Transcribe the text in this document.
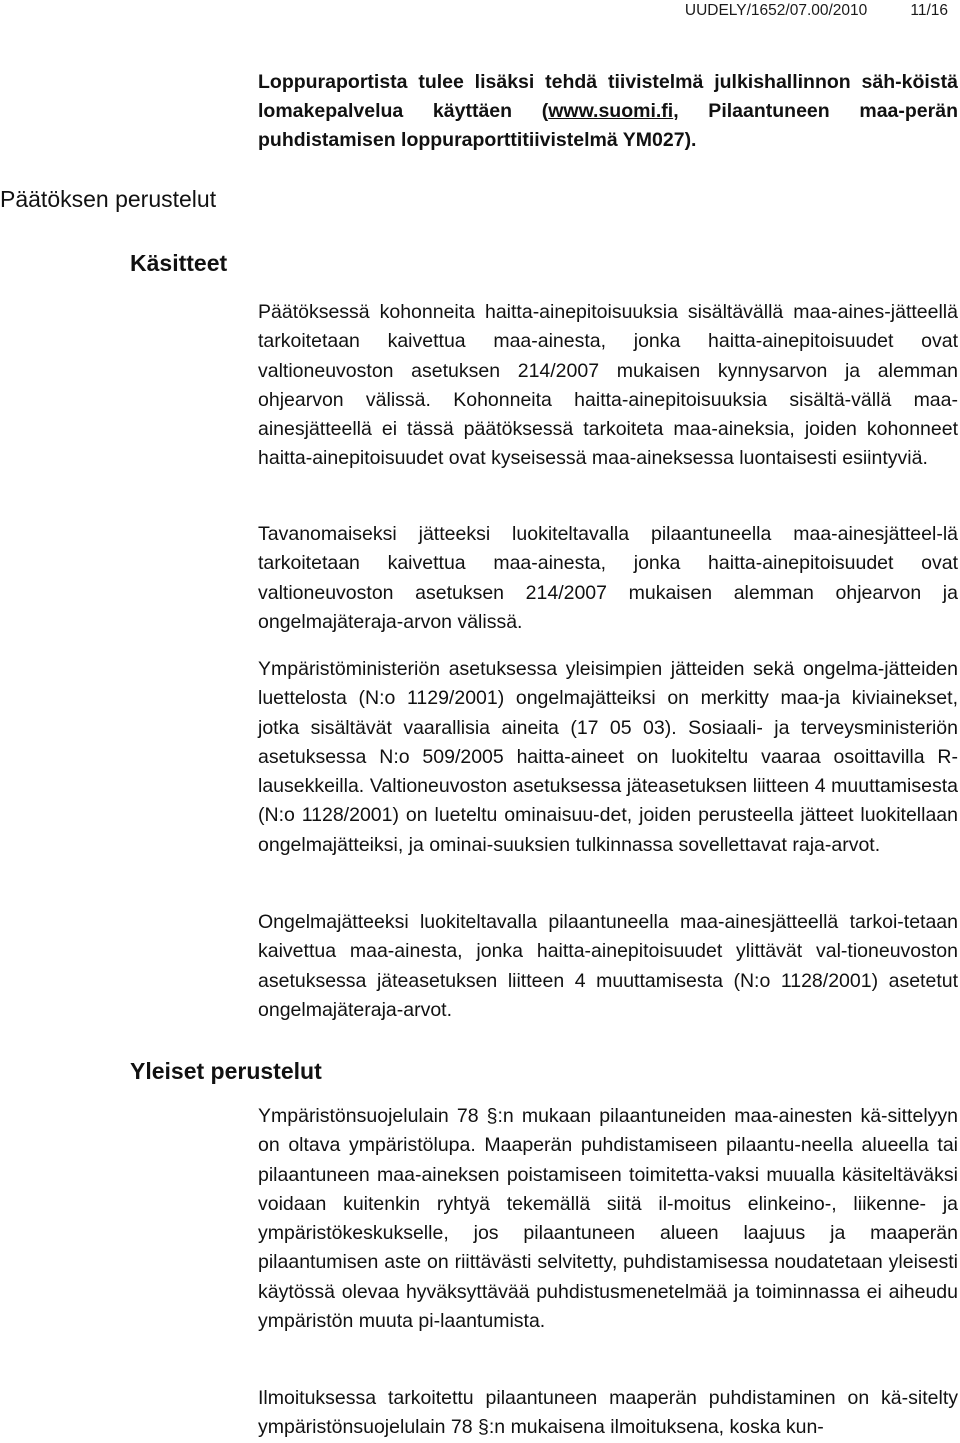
UUDELY/1652/07.00/2010	11/16
Loppuraportista tulee lisäksi tehdä tiivistelmä julkishallinnon säh-köistä lomakepalvelua käyttäen (www.suomi.fi, Pilaantuneen maa-perän puhdistamisen loppuraporttitiivistelmä YM027).
Päätöksen perustelut
Käsitteet

Päätöksessä kohonneita haitta-ainepitoisuuksia sisältävällä maa-aines-jätteellä tarkoitetaan kaivettua maa-ainesta, jonka haitta-ainepitoisuudet ovat valtioneuvoston asetuksen 214/2007 mukaisen kynnysarvon ja alemman ohjearvon välissä. Kohonneita haitta-ainepitoisuuksia sisältä-vällä maa-ainesjätteellä ei tässä päätöksessä tarkoiteta maa-aineksia, joiden kohonneet haitta-ainepitoisuudet ovat kyseisessä maa-aineksessa luontaisesti esiintyviä.

Tavanomaiseksi jätteeksi luokiteltavalla pilaantuneella maa-ainesjätteel-lä tarkoitetaan kaivettua maa-ainesta, jonka haitta-ainepitoisuudet ovat valtioneuvoston asetuksen 214/2007 mukaisen alemman ohjearvon ja ongelmajäteraja-arvon välissä.

Ympäristöministeriön asetuksessa yleisimpien jätteiden sekä ongelma-jätteiden luettelosta (N:o 1129/2001) ongelmajätteiksi on merkitty maa-ja kiviainekset, jotka sisältävät vaarallisia aineita (17 05 03). Sosiaali- ja terveysministeriön asetuksessa N:o 509/2005 haitta-aineet on luokiteltu vaaraa osoittavilla R-lausekkeilla. Valtioneuvoston asetuksessa jäteasetuksen liitteen 4 muuttamisesta (N:o 1128/2001) on lueteltu ominaisuu-det, joiden perusteella jätteet luokitellaan ongelmajätteiksi, ja ominai-suuksien tulkinnassa sovellettavat raja-arvot.

Ongelmajätteeksi luokiteltavalla pilaantuneella maa-ainesjätteellä tarkoi-tetaan kaivettua maa-ainesta, jonka haitta-ainepitoisuudet ylittävät val-tioneuvoston asetuksessa jäteasetuksen liitteen 4 muuttamisesta (N:o 1128/2001) asetetut ongelmajäteraja-arvot.

Yleiset perustelut

Ympäristönsuojelulain 78 §:n mukaan pilaantuneiden maa-ainesten kä-sittelyyn on oltava ympäristölupa. Maaperän puhdistamiseen pilaantu-neella alueella tai pilaantuneen maa-aineksen poistamiseen toimitetta-vaksi muualla käsiteltäväksi voidaan kuitenkin ryhtyä tekemällä siitä il-moitus elinkeino-, liikenne- ja ympäristökeskukselle, jos pilaantuneen alueen laajuus ja maaperän pilaantumisen aste on riittävästi selvitetty, puhdistamisessa noudatetaan yleisesti käytössä olevaa hyväksyttävää puhdistusmenetelmää ja toiminnassa ei aiheudu ympäristön muuta pi-laantumista.

Ilmoituksessa tarkoitettu pilaantuneen maaperän puhdistaminen on kä-sitelty ympäristönsuojelulain 78 §:n mukaisena ilmoituksena, koska kun-
